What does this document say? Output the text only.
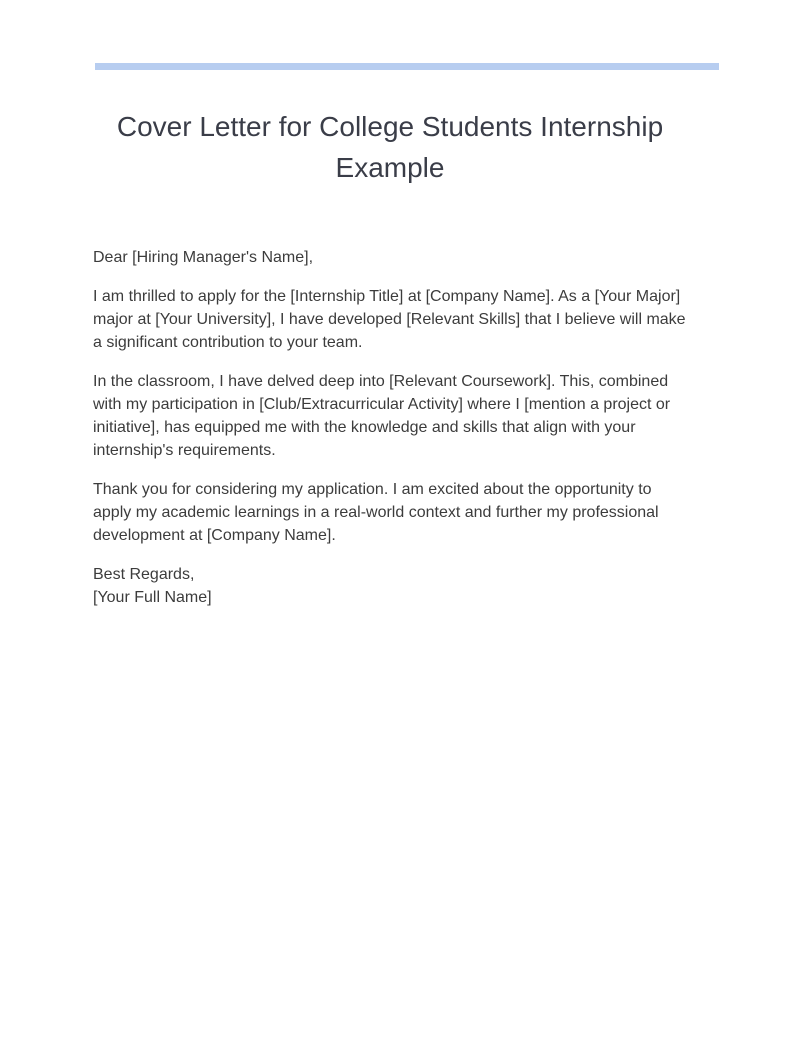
Cover Letter for College Students Internship Example

Dear [Hiring Manager's Name],

I am thrilled to apply for the [Internship Title] at [Company Name]. As a [Your Major] major at [Your University], I have developed [Relevant Skills] that I believe will make a significant contribution to your team.

In the classroom, I have delved deep into [Relevant Coursework]. This, combined with my participation in [Club/Extracurricular Activity] where I [mention a project or initiative], has equipped me with the knowledge and skills that align with your internship's requirements.

Thank you for considering my application. I am excited about the opportunity to apply my academic learnings in a real-world context and further my professional development at [Company Name].

Best Regards,
[Your Full Name]
